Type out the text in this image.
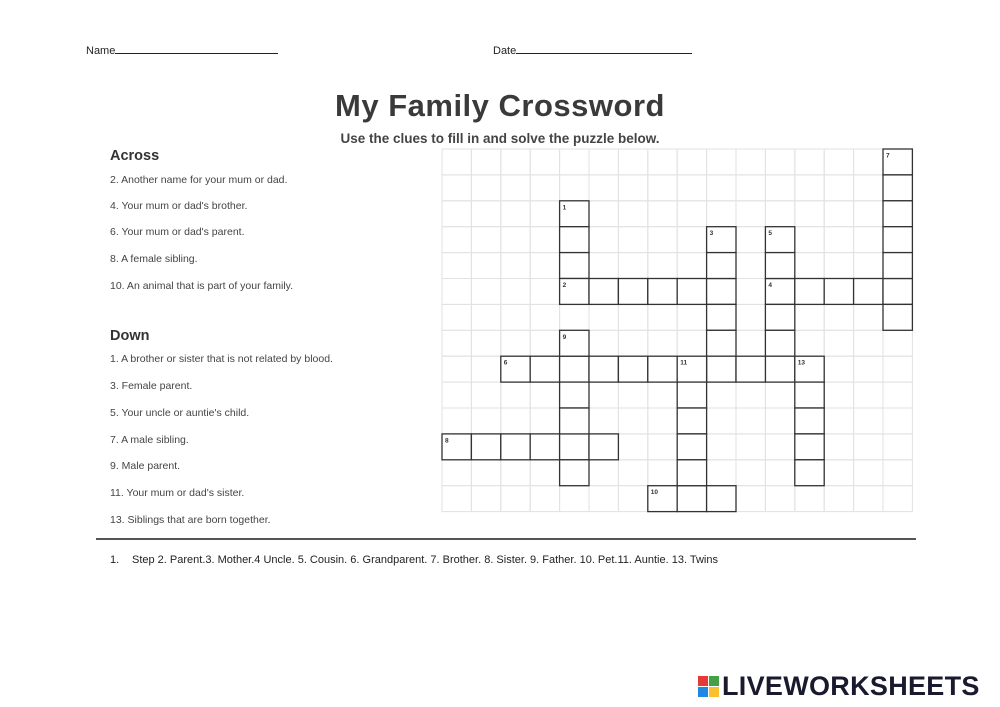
Name	Date
My Family Crossword
Use the clues to fill in and solve the puzzle below.
Across
2. Another name for your mum or dad.
4. Your mum or dad's brother.
6. Your mum or dad's parent.
8. A female sibling.
10. An animal that is part of your family.
Down
1. A brother or sister that is not related by blood.
3. Female parent.
5. Your uncle or auntie's child.
7. A male sibling.
9. Male parent.
11. Your mum or dad's sister.
13. Siblings that are born together.
1
2
3
4
5
6
7
8
9
10
11	13
1. Step 2. Parent.3. Mother.4 Uncle. 5. Cousin. 6. Grandparent. 7. Brother. 8. Sister. 9. Father. 10. Pet.11. Auntie. 13. Twins
LIVEWORKSHEETS
